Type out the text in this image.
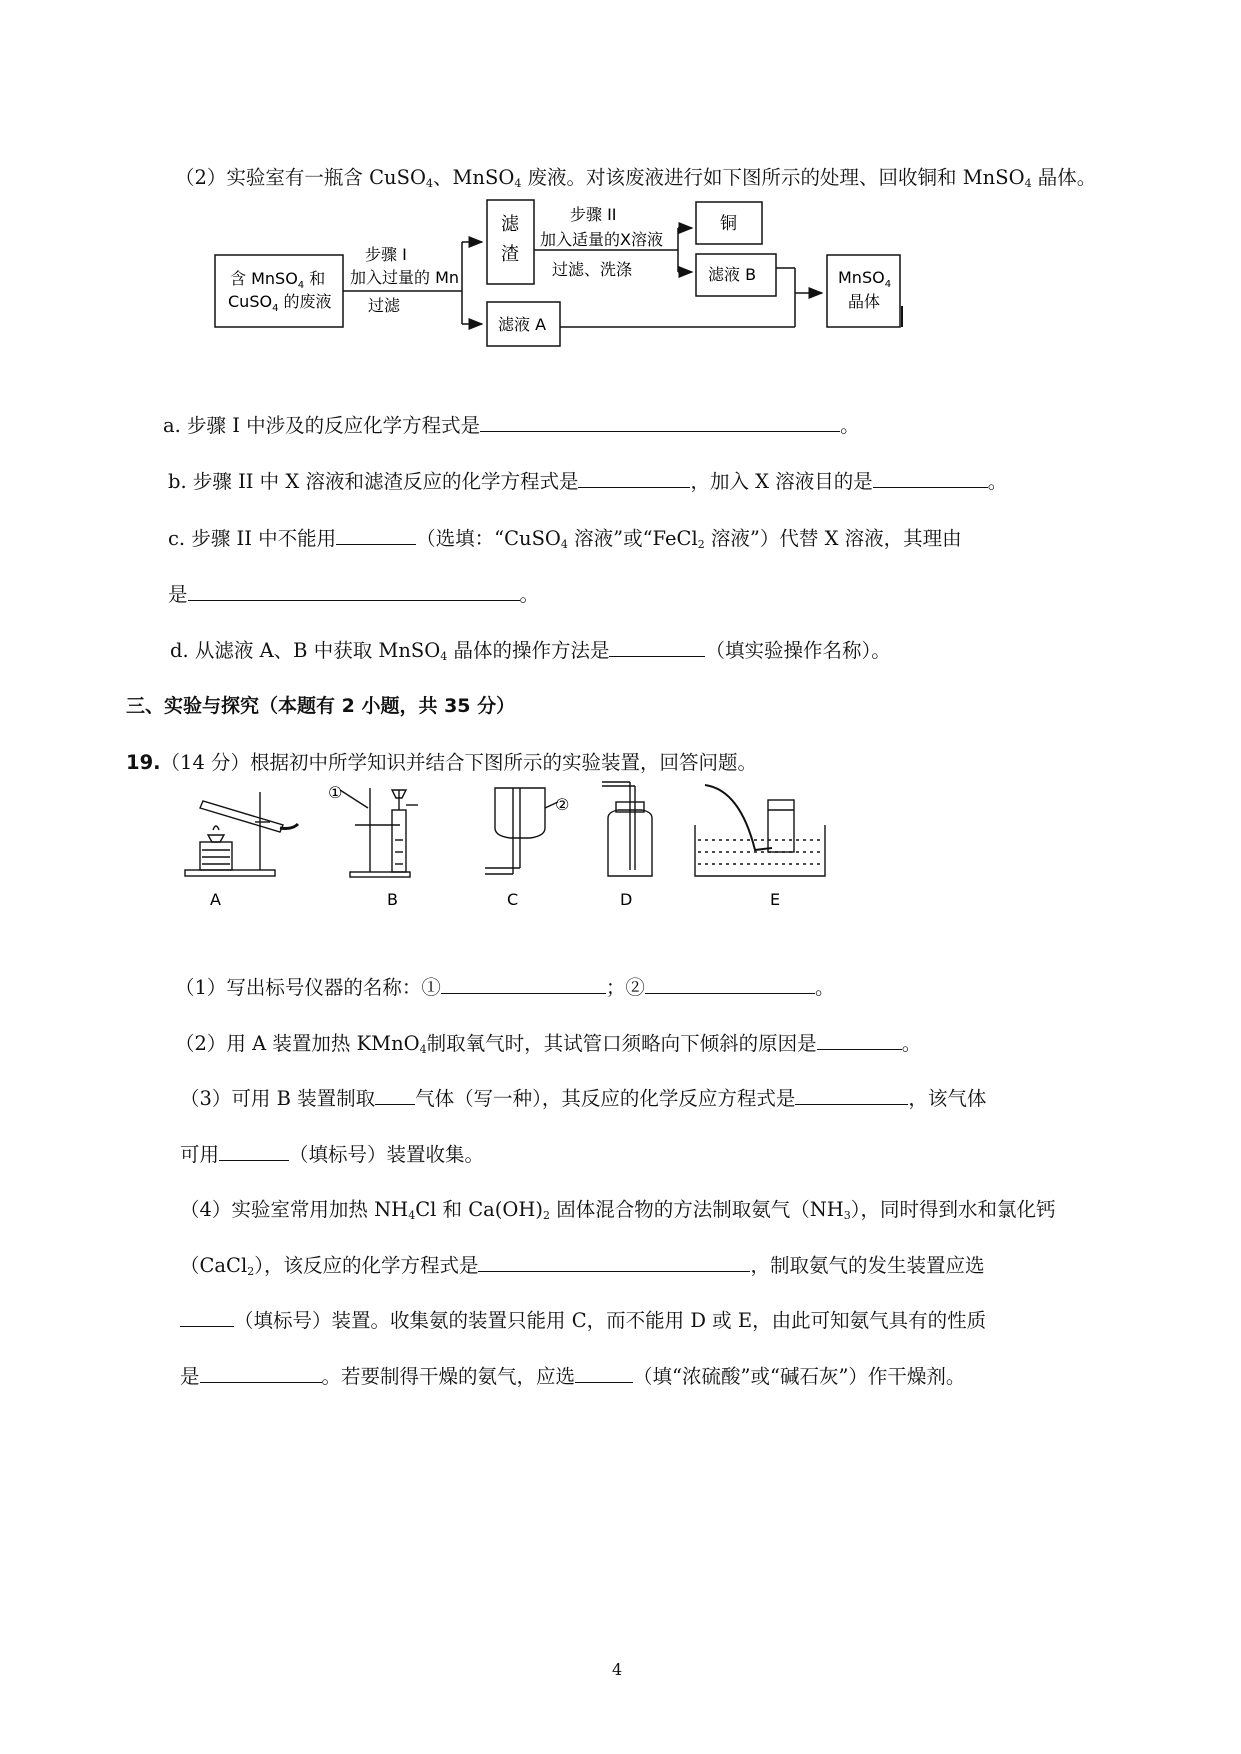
（2）实验室有一瓶含 CuSO$_4$、MnSO$_4$ 废液。对该废液进行如下图所示的处理、回收铜和 MnSO$_4$ 晶体。
含 MnSO$_4$ 和
CuSO$_4$ 的废液
步骤 I
加入过量的 Mn
过滤
滤
渣
滤液 A
步骤 II
加入适量的X溶液
过滤、洗涤
铜
滤液 B	MnSO$_4$
晶体
a. 步骤 I 中涉及的反应化学方程式是	。
b. 步骤 II 中 X 溶液和滤渣反应的化学方程式是	，加入 X 溶液目的是	。
c. 步骤 II 中不能用	（选填：“CuSO$_4$ 溶液”或“FeCl$_2$ 溶液”）代替 X 溶液，其理由
是	。
d. 从滤液 A、B 中获取 MnSO$_4$ 晶体的操作方法是	（填实验操作名称）。
三、实验与探究（本题有 2 小题，共 35 分）
19.（14 分）根据初中所学知识并结合下图所示的实验装置，回答问题。
A
①
B
②
C	D	E
（1）写出标号仪器的名称：①	；②	。
（2）用 A 装置加热 KMnO$_4$制取氧气时，其试管口须略向下倾斜的原因是	。
（3）可用 B 装置制取 气体（写一种），其反应的化学反应方程式是	，该气体
可用	（填标号）装置收集。
（4）实验室常用加热 $NH_4Cl$ 和 $Ca(OH)_2$ 固体混合物的方法制取氨气$(NH_3)$，同时得到水和氯化钙
（CaCl$_2$），该反应的化学方程式是	，制取氨气的发生装置应选
（填标号）装置。收集氨的装置只能用 C，而不能用 D 或 E，由此可知氨气具有的性质
是	。若要制得干燥的氨气，应选	（填“浓硫酸”或“碱石灰”）作干燥剂。
4
